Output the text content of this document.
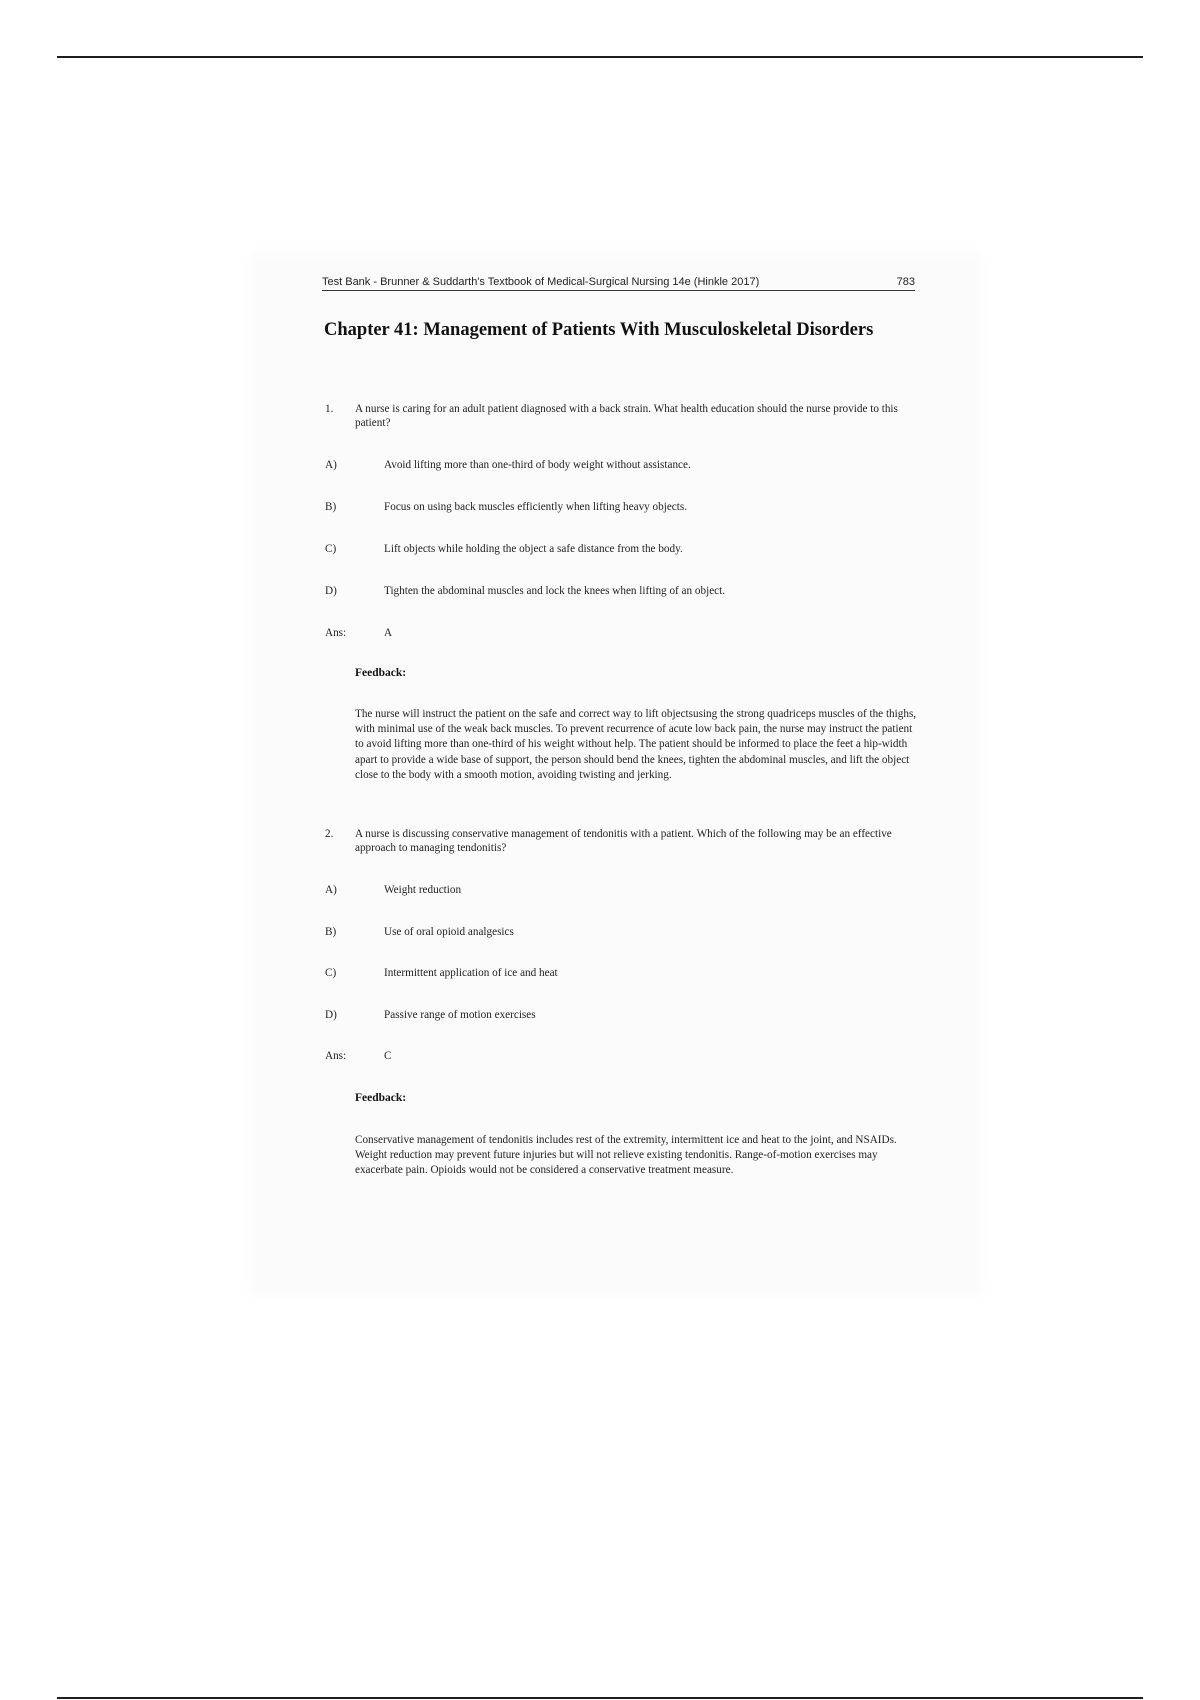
Test Bank - Brunner & Suddarth's Textbook of Medical-Surgical Nursing 14e (Hinkle 2017)	783
Chapter 41: Management of Patients With Musculoskeletal Disorders
1.	A nurse is caring for an adult patient diagnosed with a back strain. What health education should the nurse provide to this patient?
A)	Avoid lifting more than one-third of body weight without assistance.
B)	Focus on using back muscles efficiently when lifting heavy objects.
C)	Lift objects while holding the object a safe distance from the body.
D)	Tighten the abdominal muscles and lock the knees when lifting of an object.
Ans:	A
Feedback:
The nurse will instruct the patient on the safe and correct way to lift objectsusing the strong quadriceps muscles of the thighs, with minimal use of the weak back muscles. To prevent recurrence of acute low back pain, the nurse may instruct the patient to avoid lifting more than one-third of his weight without help. The patient should be informed to place the feet a hip-width apart to provide a wide base of support, the person should bend the knees, tighten the abdominal muscles, and lift the object close to the body with a smooth motion, avoiding twisting and jerking.
2.	A nurse is discussing conservative management of tendonitis with a patient. Which of the following may be an effective approach to managing tendonitis?
A)	Weight reduction
B)	Use of oral opioid analgesics
C)	Intermittent application of ice and heat
D)	Passive range of motion exercises
Ans:	C
Feedback:
Conservative management of tendonitis includes rest of the extremity, intermittent ice and heat to the joint, and NSAIDs. Weight reduction may prevent future injuries but will not relieve existing tendonitis. Range-of-motion exercises may exacerbate pain. Opioids would not be considered a conservative treatment measure.
